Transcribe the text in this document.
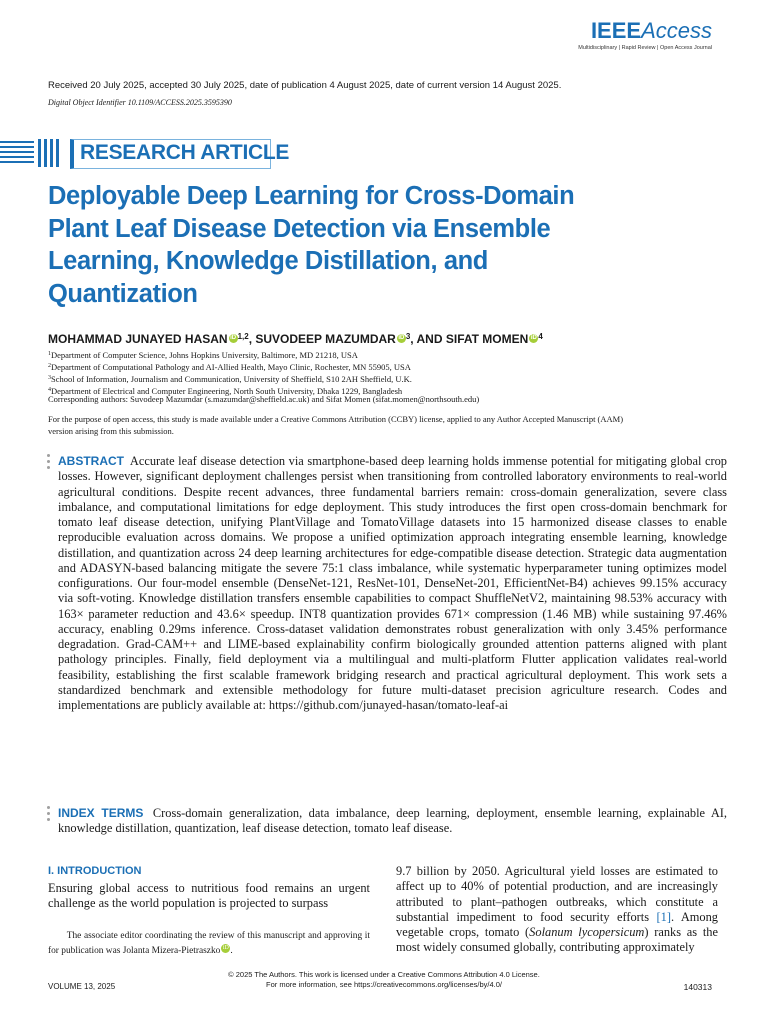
IEEEAccess
Multidisciplinary | Rapid Review | Open Access Journal
Received 20 July 2025, accepted 30 July 2025, date of publication 4 August 2025, date of current version 14 August 2025.
Digital Object Identifier 10.1109/ACCESS.2025.3595390
RESEARCH ARTICLE
Deployable Deep Learning for Cross-Domain Plant Leaf Disease Detection via Ensemble Learning, Knowledge Distillation, and Quantization
MOHAMMAD JUNAYED HASAN iD $^{1,2}$, SUVODEEP MAZUMDAR iD $^3$, AND SIFAT MOMEN iD $^4$
$^1$Department of Computer Science, Johns Hopkins University, Baltimore, MD 21218, USA
$^2$Department of Computational Pathology and AI-Allied Health, Mayo Clinic, Rochester, MN 55905, USA
$^3$School of Information, Journalism and Communication, University of Sheffield, S10 2AH Sheffield, U.K.
$^4$Department of Electrical and Computer Engineering, North South University, Dhaka 1229, Bangladesh
Corresponding authors: Suvodeep Mazumdar (s.mazumdar@sheffield.ac.uk) and Sifat Momen (sifat.momen@northsouth.edu)
For the purpose of open access, this study is made available under a Creative Commons Attribution (CCBY) license, applied to any Author Accepted Manuscript (AAM) version arising from this submission.
ABSTRACT Accurate leaf disease detection via smartphone-based deep learning holds immense potential for mitigating global crop losses. However, significant deployment challenges persist when transitioning from controlled laboratory environments to real-world agricultural conditions. Despite recent advances, three fundamental barriers remain: cross-domain generalization, severe class imbalance, and computational limitations for edge deployment. This study introduces the first open cross-domain benchmark for tomato leaf disease detection, unifying PlantVillage and TomatoVillage datasets into 15 harmonized disease classes to enable reproducible evaluation across domains. We propose a unified optimization approach integrating ensemble learning, knowledge distillation, and quantization across 24 deep learning architectures for edge-compatible disease detection. Strategic data augmentation and ADASYN-based balancing mitigate the severe 75:1 class imbalance, while systematic hyperparameter tuning optimizes model configurations. Our four-model ensemble (DenseNet-121, ResNet-101, DenseNet-201, EfficientNet-B4) achieves 99.15% accuracy via soft-voting. Knowledge distillation transfers ensemble capabilities to compact ShuffleNetV2, maintaining 98.53% accuracy with 163× parameter reduction and 43.6× speedup. INT8 quantization provides 671× compression (1.46 MB) while sustaining 97.46% accuracy, enabling 0.29ms inference. Cross-dataset validation demonstrates robust generalization with only 3.45% performance degradation. Grad-CAM++ and LIME-based explainability confirm biologically grounded attention patterns aligned with plant pathology principles. Finally, field deployment via a multilingual and multi-platform Flutter application validates real-world feasibility, establishing the first scalable framework bridging research and practical agricultural deployment. This work sets a standardized benchmark and extensible methodology for future multi-dataset precision agriculture research. Codes and implementations are publicly available at: https://github.com/junayed-hasan/tomato-leaf-ai
INDEX TERMS Cross-domain generalization, data imbalance, deep learning, deployment, ensemble learning, explainable AI, knowledge distillation, quantization, leaf disease detection, tomato leaf disease.
I. INTRODUCTION
Ensuring global access to nutritious food remains an urgent challenge as the world population is projected to surpass
  The associate editor coordinating the review of this manuscript and approving it for publication was Jolanta Mizera-Pietraszko iD .
9.7 billion by 2050. Agricultural yield losses are estimated to affect up to 40% of potential production, and are increasingly attributed to plant–pathogen outbreaks, which constitute a substantial impediment to food security efforts [1]. Among vegetable crops, tomato (Solanum lycopersicum) ranks as the most widely consumed globally, contributing approximately
VOLUME 13, 2025
© 2025 The Authors. This work is licensed under a Creative Commons Attribution 4.0 License.
For more information, see https://creativecommons.org/licenses/by/4.0/	140313
